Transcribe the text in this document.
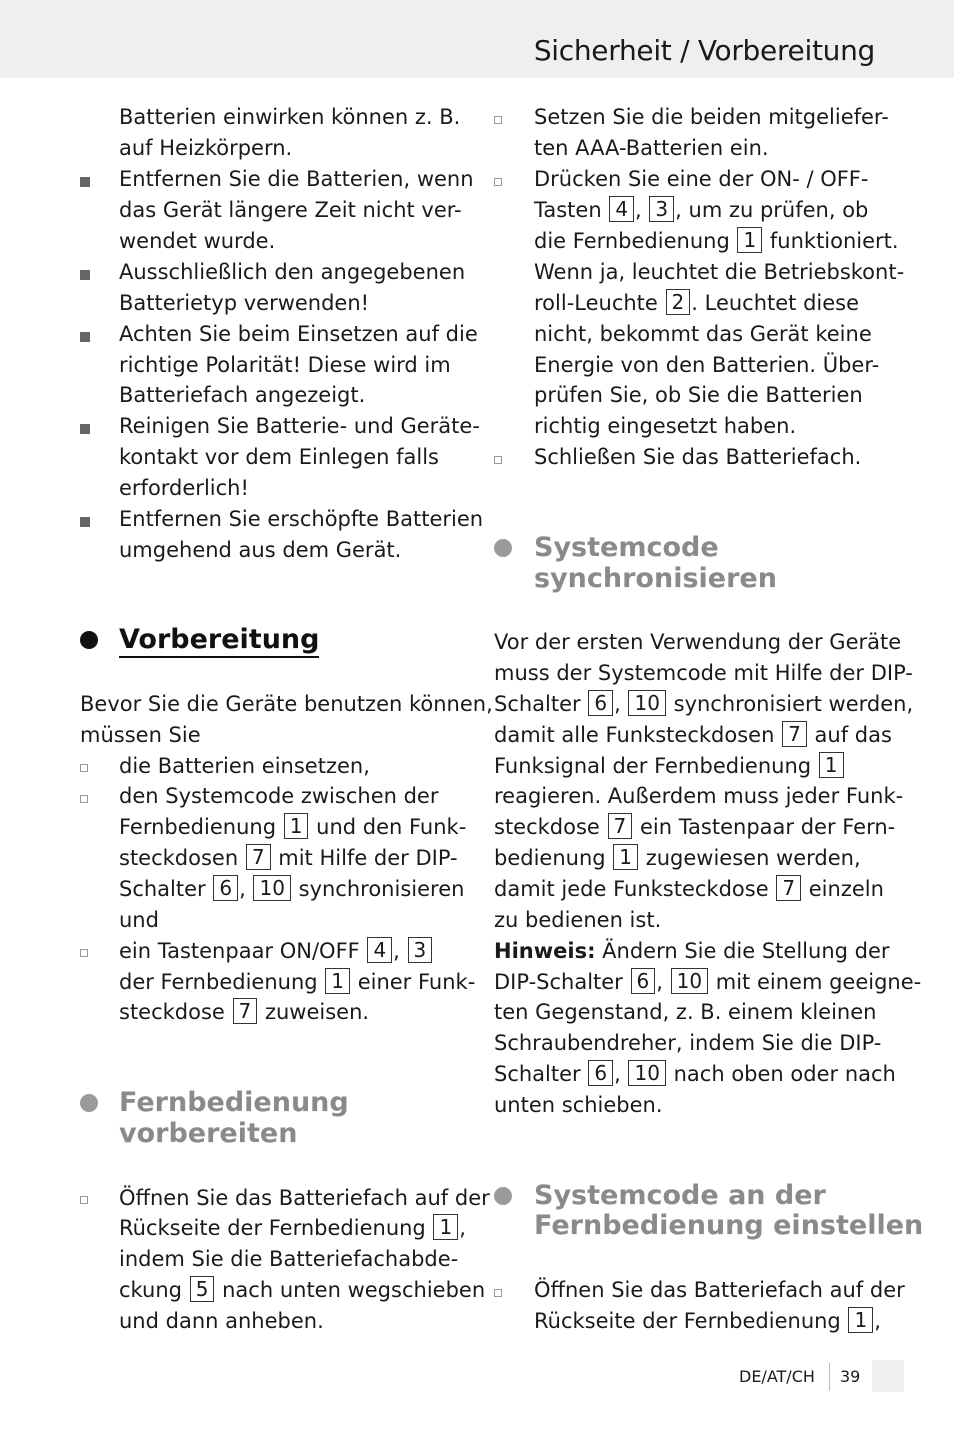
Sicherheit / Vorbereitung
Batterien einwirken können z. B.
auf Heizkörpern.
Entfernen Sie die Batterien, wenn
das Gerät längere Zeit nicht ver-
wendet wurde.
Ausschließlich den angegebenen
Batterietyp verwenden!
Achten Sie beim Einsetzen auf die
richtige Polarität! Diese wird im
Batteriefach angezeigt.
Reinigen Sie Batterie- und Geräte-
kontakt vor dem Einlegen falls
erforderlich!
Entfernen Sie erschöpfte Batterien
umgehend aus dem Gerät.
Vorbereitung
Bevor Sie die Geräte benutzen können,
müssen Sie
die Batterien einsetzen,
den Systemcode zwischen der
Fernbedienung 1 und den Funk-
steckdosen 7 mit Hilfe der DIP-
Schalter 6 , 10 synchronisieren
und
ein Tastenpaar ON/OFF 4 , 3
der Fernbedienung 1 einer Funk-
steckdose 7 zuweisen.
Fernbedienung
vorbereiten
Öffnen Sie das Batteriefach auf der
Rückseite der Fernbedienung 1 ,
indem Sie die Batteriefachabde-
ckung 5 nach unten wegschieben
und dann anheben.
Setzen Sie die beiden mitgeliefer-
ten AAA-Batterien ein.
Drücken Sie eine der ON- / OFF-
Tasten 4 , 3 , um zu prüfen, ob
die Fernbedienung 1 funktioniert.
Wenn ja, leuchtet die Betriebskont-
roll-Leuchte 2 . Leuchtet diese
nicht, bekommt das Gerät keine
Energie von den Batterien. Über-
prüfen Sie, ob Sie die Batterien
richtig eingesetzt haben.
Schließen Sie das Batteriefach.
Systemcode
synchronisieren
Vor der ersten Verwendung der Geräte
muss der Systemcode mit Hilfe der DIP-
Schalter 6 , 10 synchronisiert werden,
damit alle Funksteckdosen 7 auf das
Funksignal der Fernbedienung 1
reagieren. Außerdem muss jeder Funk-
steckdose 7 ein Tastenpaar der Fern-
bedienung 1 zugewiesen werden,
damit jede Funksteckdose 7 einzeln
zu bedienen ist.
Hinweis: Ändern Sie die Stellung der
DIP-Schalter 6 , 10 mit einem geeigne-
ten Gegenstand, z. B. einem kleinen
Schraubendreher, indem Sie die DIP-
Schalter 6 , 10 nach oben oder nach
unten schieben.
Systemcode an der
Fernbedienung einstellen
Öffnen Sie das Batteriefach auf der
Rückseite der Fernbedienung 1 ,
DE/AT/CH 39
